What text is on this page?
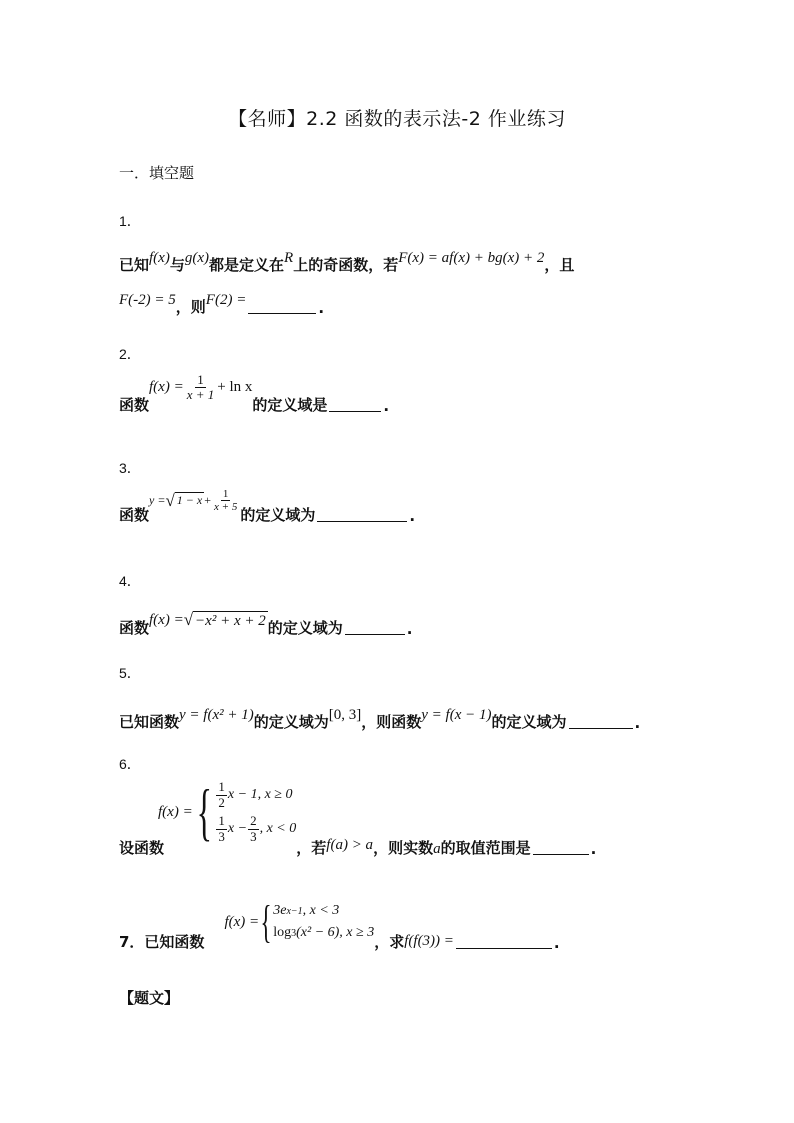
【名师】2.2 函数的表示法-2 作业练习
一．填空题
1．
已知 f(x) 与 g(x) 都是定义在 R 上的奇函数，若 F(x) = af(x) + bg(x) + 2 ，且
F(-2) = 5 ，则 F(2) =	.
2．
函数
$f(x) = \frac{1}{x + 1} + \ln x$
的定义域是	.
3．
函数
y = √ $1 - x + \frac{1}{x + 5}$
的定义域为	.
4．
函数 f(x) = √ −x² + x + 2 的定义域为	.
5．
已知函数 y = f(x² + 1) 的定义域为 [0, 3] ，则函数 y = f(x − 1) 的定义域为	.
6．
设函数
f(x) = { $\frac{1}{2}$ x − 1, x ≥ 0
$\frac{1}{3}$ $x - \frac{2}{3}$ , x < 0
，若 f(a) > a ，则实数 a 的取值范围是	.
7．已知函数
f(x) = { 3e x−1 , x < 3
log 3 (x² − 6), x ≥ 3
，求 f(f(3)) =	.
【题文】
